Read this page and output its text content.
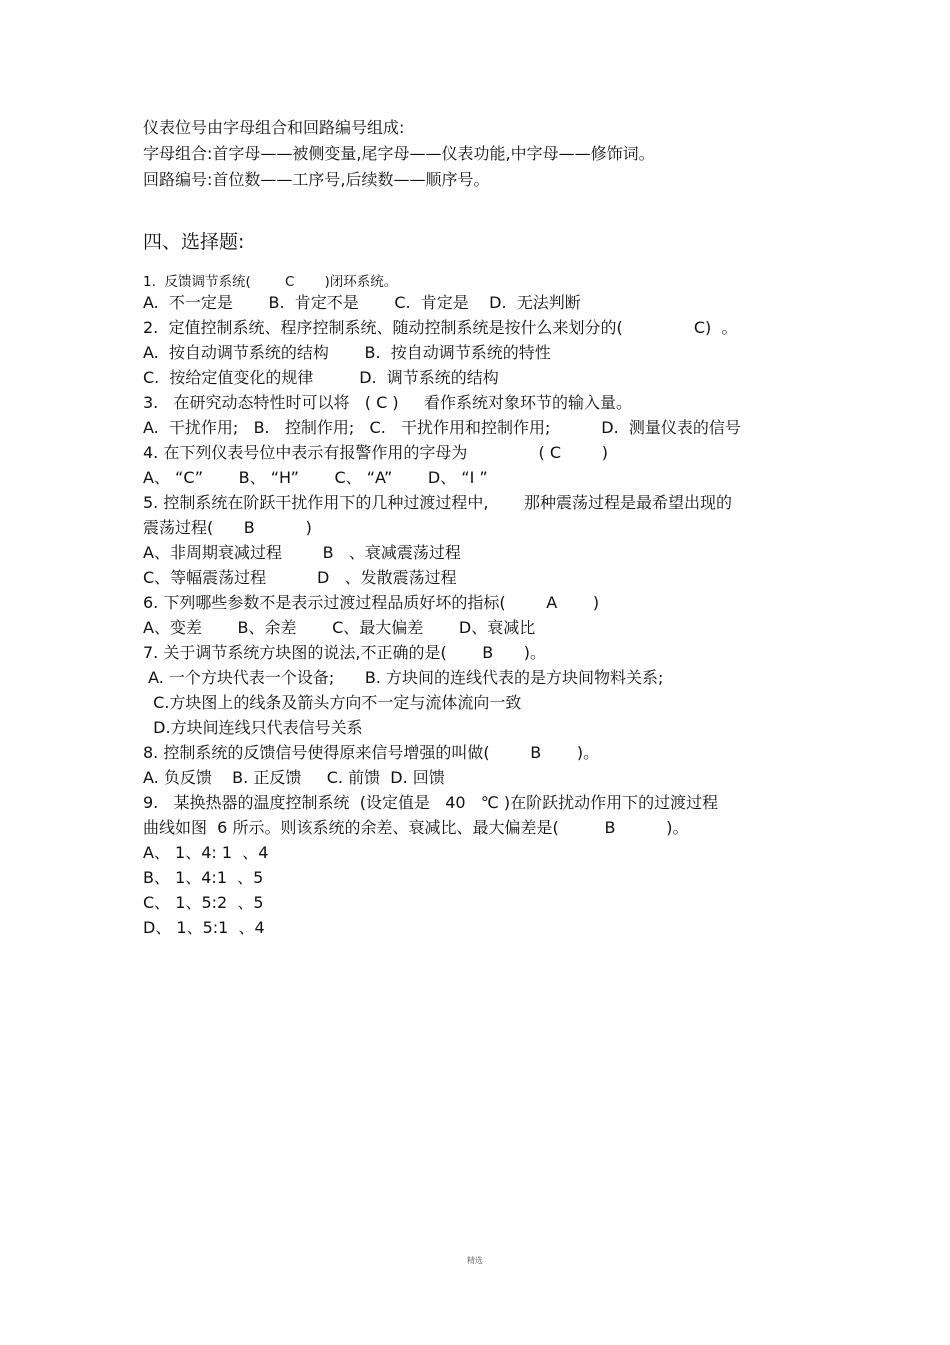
仪表位号由字母组合和回路编号组成:
字母组合:首字母——被侧变量,尾字母——仪表功能,中字母——修饰词。
回路编号:首位数——工序号,后续数——顺序号。
四、选择题:
1.  反馈调节系统(        C       )闭环系统。
A.  不一定是       B.  肯定不是       C.  肯定是    D.  无法判断
2.  定值控制系统、程序控制系统、随动控制系统是按什么来划分的(              C)  。
A.  按自动调节系统的结构       B.  按自动调节系统的特性
C.  按给定值变化的规律         D.  调节系统的结构
3.   在研究动态特性时可以将   ( C )     看作系统对象环节的输入量。
A.  干扰作用;   B.   控制作用;   C.   干扰作用和控制作用;          D.  测量仪表的信号
4. 在下列仪表号位中表示有报警作用的字母为              ( C        )
A、 “C”       B、 “H”       C、 “A”       D、 “I ”
5. 控制系统在阶跃干扰作用下的几种过渡过程中,       那种震荡过程是最希望出现的
震荡过程(      B          )
A、非周期衰减过程        B   、衰减震荡过程
C、等幅震荡过程          D   、发散震荡过程
6. 下列哪些参数不是表示过渡过程品质好坏的指标(        A       )
A、变差       B、余差       C、最大偏差       D、衰减比
7. 关于调节系统方块图的说法,不正确的是(       B      )。
A. 一个方块代表一个设备;      B. 方块间的连线代表的是方块间物料关系;
C.方块图上的线条及箭头方向不一定与流体流向一致
D.方块间连线只代表信号关系
8. 控制系统的反馈信号使得原来信号增强的叫做(        B       )。
A. 负反馈    B. 正反馈     C. 前馈  D. 回馈
9.   某换热器的温度控制系统  (设定值是   40   ℃ )在阶跃扰动作用下的过渡过程
曲线如图  6 所示。则该系统的余差、衰减比、最大偏差是(         B          )。
A、 1、4: 1  、4
B、 1、4:1  、5
C、 1、5:2  、5
D、 1、5:1  、4
精选
